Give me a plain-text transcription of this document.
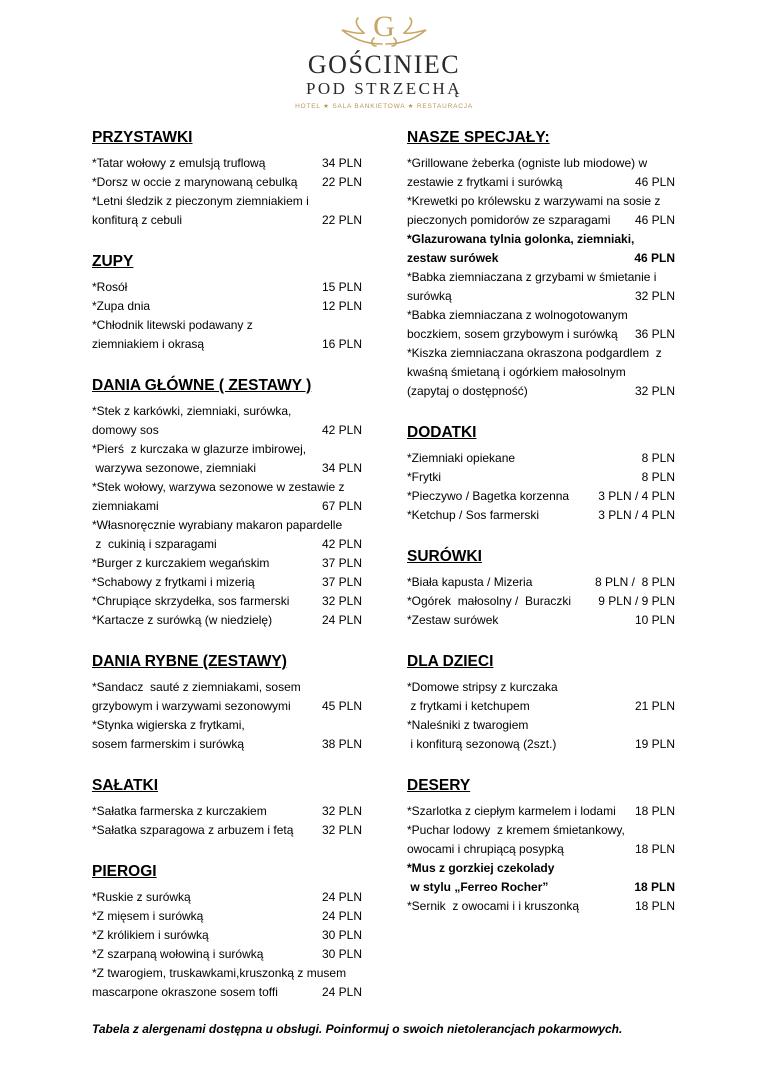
G
GOŚCINIEC
POD STRZECHĄ
HOTEL ★ SALA BANKIETOWA ★ RESTAURACJA
PRZYSTAWKI
*Tatar wołowy z emulsją truflową	34 PLN
*Dorsz w occie z marynowaną cebulką 22 PLN
*Letni śledzik z pieczonym ziemniakiem i
konfiturą z cebuli	22 PLN
ZUPY
*Rosół	15 PLN
*Zupa dnia	12 PLN
*Chłodnik litewski podawany z
ziemniakiem i okrasą	16 PLN
DANIA GŁÓWNE ( ZESTAWY )
*Stek z karkówki, ziemniaki, surówka,
domowy sos	42 PLN
*Pierś  z kurczaka w glazurze imbirowej,
warzywa sezonowe, ziemniaki	34 PLN
*Stek wołowy, warzywa sezonowe w zestawie z
ziemniakami	67 PLN
*Własnoręcznie wyrabiany makaron papardelle
z  cukinią i szparagami	42 PLN
*Burger z kurczakiem wegańskim	37 PLN
*Schabowy z frytkami i mizerią	37 PLN
*Chrupiące skrzydełka, sos farmerski	32 PLN
*Kartacze z surówką (w niedzielę)	24 PLN
DANIA RYBNE (ZESTAWY)
*Sandacz  sauté z ziemniakami, sosem
grzybowym i warzywami sezonowymi	45 PLN
*Stynka wigierska z frytkami,
sosem farmerskim i surówką	38 PLN
SAŁATKI
*Sałatka farmerska z kurczakiem	32 PLN
*Sałatka szparagowa z arbuzem i fetą 32 PLN
PIEROGI
*Ruskie z surówką	24 PLN
*Z mięsem i surówką	24 PLN
*Z królikiem i surówką	30 PLN
*Z szarpaną wołowiną i surówką	30 PLN
*Z twarogiem, truskawkami,kruszonką z musem
mascarpone okraszone sosem toffi	24 PLN
NASZE SPECJAŁY:
*Grillowane żeberka (ogniste lub miodowe) w
zestawie z frytkami i surówką	46 PLN
*Krewetki po królewsku z warzywami na sosie z
pieczonych pomidorów ze szparagami 46 PLN
*Glazurowana tylnia golonka, ziemniaki,
zestaw surówek	46 PLN
*Babka ziemniaczana z grzybami w śmietanie i
surówką	32 PLN
*Babka ziemniaczana z wolnogotowanym
boczkiem, sosem grzybowym i surówką 36 PLN
*Kiszka ziemniaczana okraszona podgardlem  z
kwaśną śmietaną i ogórkiem małosolnym
(zapytaj o dostępność)	32 PLN
DODATKI
*Ziemniaki opiekane	8 PLN
*Frytki	8 PLN
*Pieczywo / Bagetka korzenna 3 PLN / 4 PLN
*Ketchup / Sos farmerski	3 PLN / 4 PLN
SURÓWKI
*Biała kapusta / Mizeria	8 PLN /  8 PLN
*Ogórek  małosolny /  Buraczki 9 PLN / 9 PLN
*Zestaw surówek	10 PLN
DLA DZIECI
*Domowe stripsy z kurczaka
z frytkami i ketchupem	21 PLN
*Naleśniki z twarogiem
i konfiturą sezonową (2szt.)	19 PLN
DESERY
*Szarlotka z ciepłym karmelem i lodami 18 PLN
*Puchar lodowy  z kremem śmietankowy,
owocami i chrupiącą posypką	18 PLN
*Mus z gorzkiej czekolady
w stylu „Ferreo Rocher”	18 PLN
*Sernik  z owocami i i kruszonką	18 PLN
Tabela z alergenami dostępna u obsługi. Poinformuj o swoich nietolerancjach pokarmowych.
